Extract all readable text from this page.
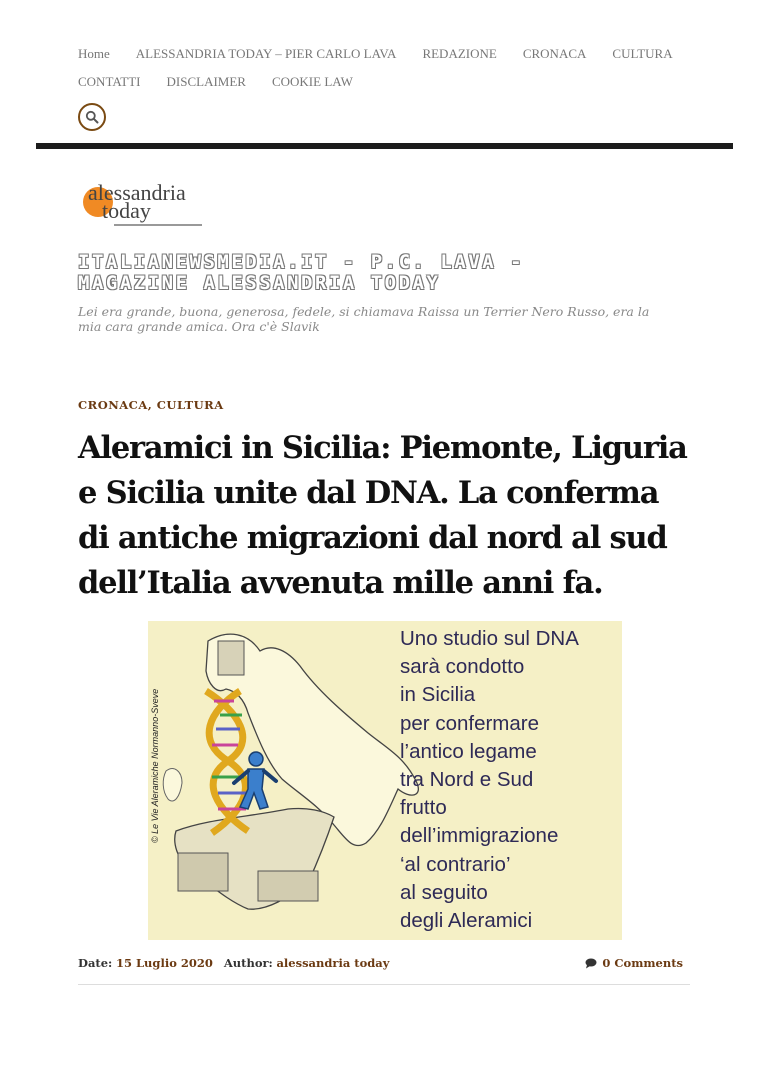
Home ALESSANDRIA TODAY – PIER CARLO LAVA REDAZIONE CRONACA CULTURA
CONTATTI DISCLAIMER COOKIE LAW
alessandria
today
ITALIANEWSMEDIA.IT - P.C. LAVA - MAGAZINE ALESSANDRIA TODAY
Lei era grande, buona, generosa, fedele, si chiamava Raissa un Terrier Nero Russo, era la mia cara grande amica. Ora c'è Slavik
CRONACA, CULTURA
Aleramici in Sicilia: Piemonte, Liguria e Sicilia unite dal DNA. La conferma di antiche migrazioni dal nord al sud dell’Italia avvenuta mille anni fa.
© Le Vie Aleramiche Normanno-Sveve
Uno studio sul DNA
sarà condotto
in Sicilia
per confermare
l’antico legame
tra Nord e Sud
frutto
dell’immigrazione
‘al contrario’
al seguito
degli Aleramici
Date: 15 Luglio 2020 Author: alessandria today	0 Comments
